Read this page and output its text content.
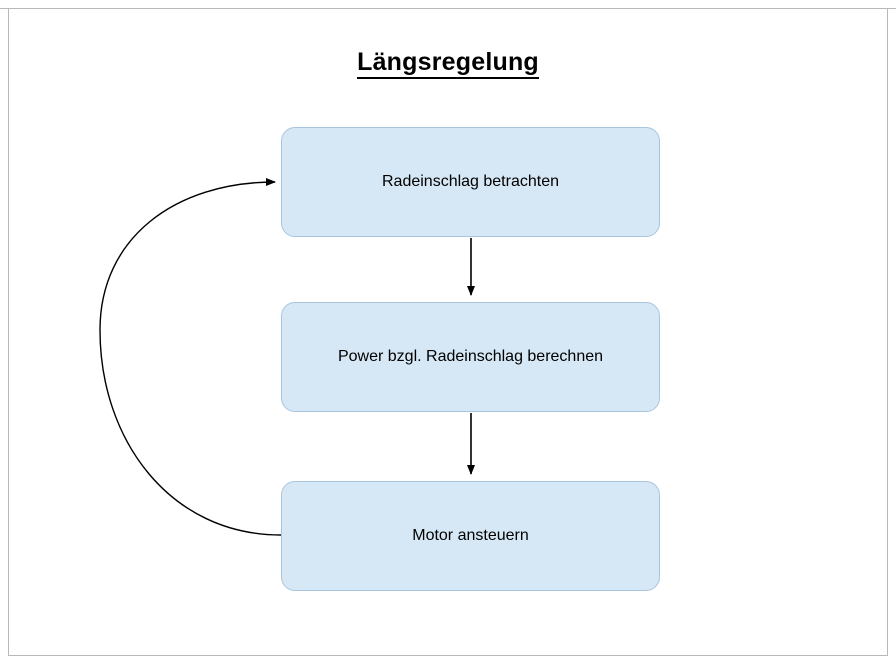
Längsregelung
Radeinschlag betrachten
Power bzgl. Radeinschlag berechnen
Motor ansteuern
